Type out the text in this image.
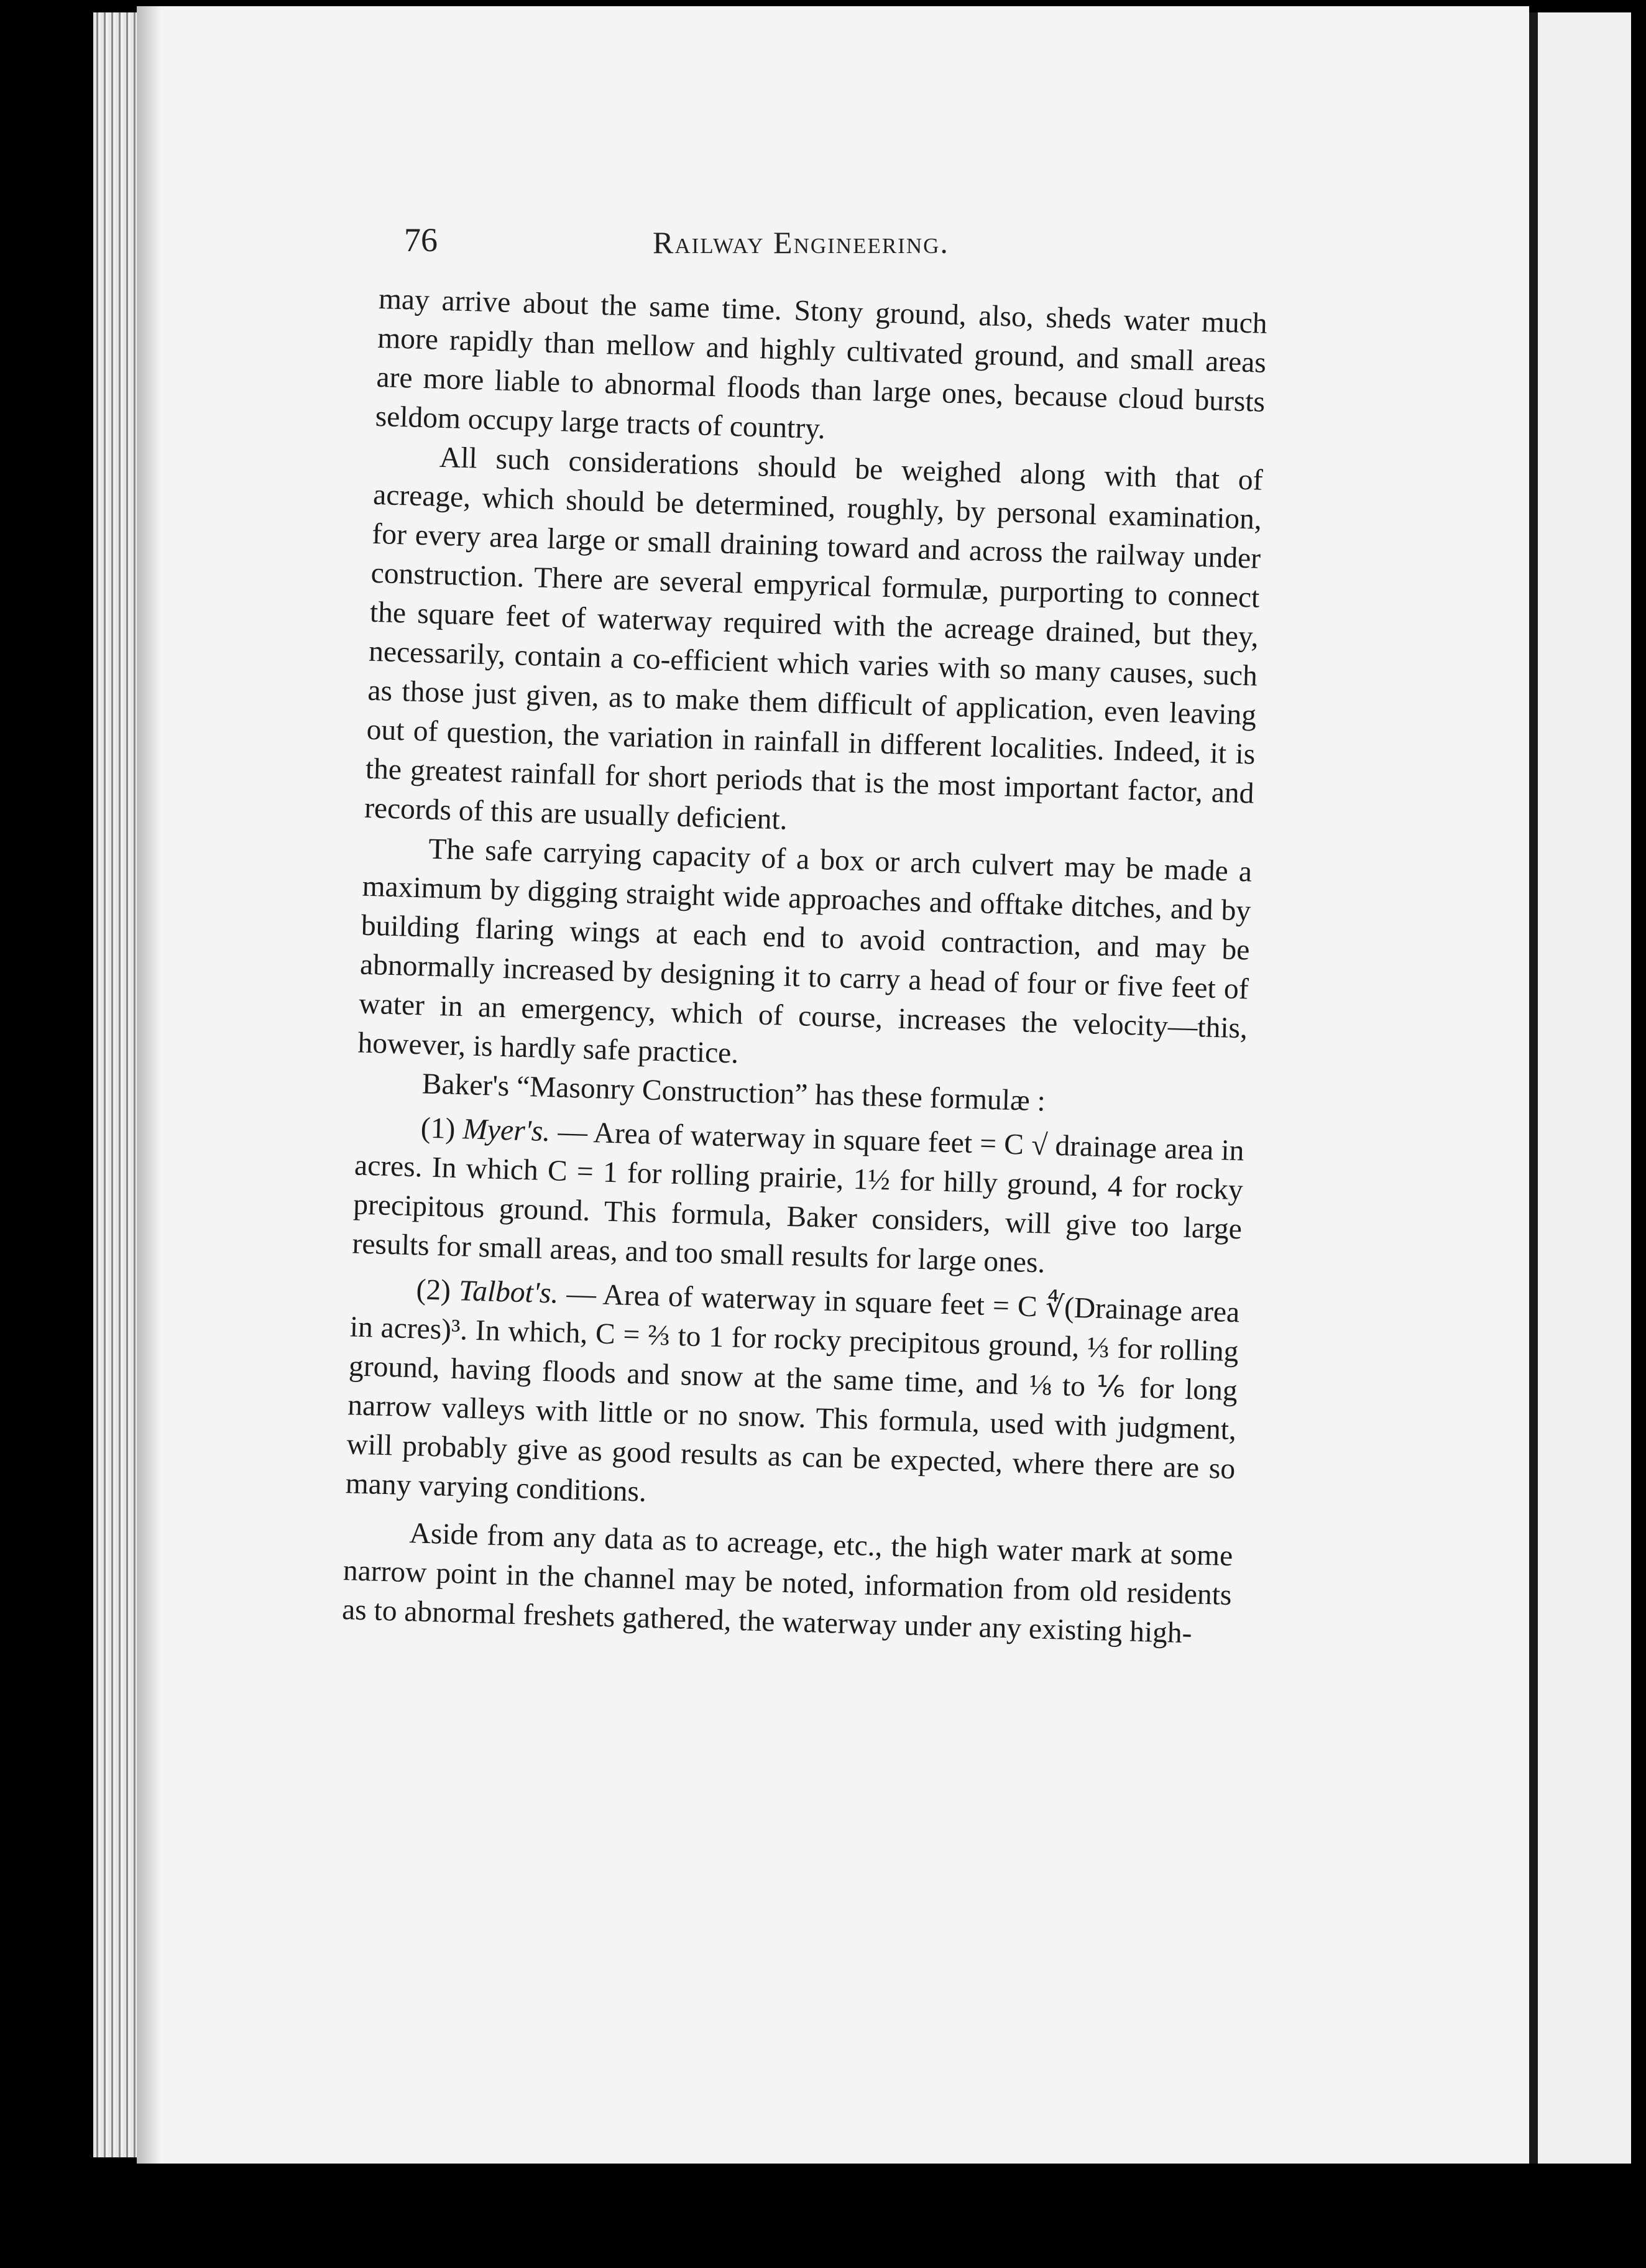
76	Railway Engineering.

may arrive about the same time. Stony ground, also, sheds water much more rapidly than mellow and highly cultivated ground, and small areas are more liable to abnormal floods than large ones, because cloud bursts seldom occupy large tracts of country.

All such considerations should be weighed along with that of acreage, which should be determined, roughly, by personal examination, for every area large or small draining toward and across the railway under construction. There are several empyrical formulæ, purporting to connect the square feet of waterway required with the acreage drained, but they, necessarily, contain a co-efficient which varies with so many causes, such as those just given, as to make them difficult of application, even leaving out of question, the variation in rainfall in different localities. Indeed, it is the greatest rainfall for short periods that is the most important factor, and records of this are usually deficient.

The safe carrying capacity of a box or arch culvert may be made a maximum by digging straight wide approaches and offtake ditches, and by building flaring wings at each end to avoid contraction, and may be abnormally increased by designing it to carry a head of four or five feet of water in an emergency, which of course, increases the velocity—this, however, is hardly safe practice.

Baker's “Masonry Construction” has these formulæ :

(1) Myer's. — Area of waterway in square feet = C √ drainage area in acres. In which C = 1 for rolling prairie, 1½ for hilly ground, 4 for rocky precipitous ground. This formula, Baker considers, will give too large results for small areas, and too small results for large ones.

(2) Talbot's. — Area of waterway in square feet = C ∜(Drainage area in acres)³. In which, C = ⅔ to 1 for rocky precipitous ground, ⅓ for rolling ground, having floods and snow at the same time, and ⅛ to ⅙ for long narrow valleys with little or no snow. This formula, used with judgment, will probably give as good results as can be expected, where there are so many varying conditions.

Aside from any data as to acreage, etc., the high water mark at some narrow point in the channel may be noted, information from old residents as to abnormal freshets gathered, the waterway under any existing high-
